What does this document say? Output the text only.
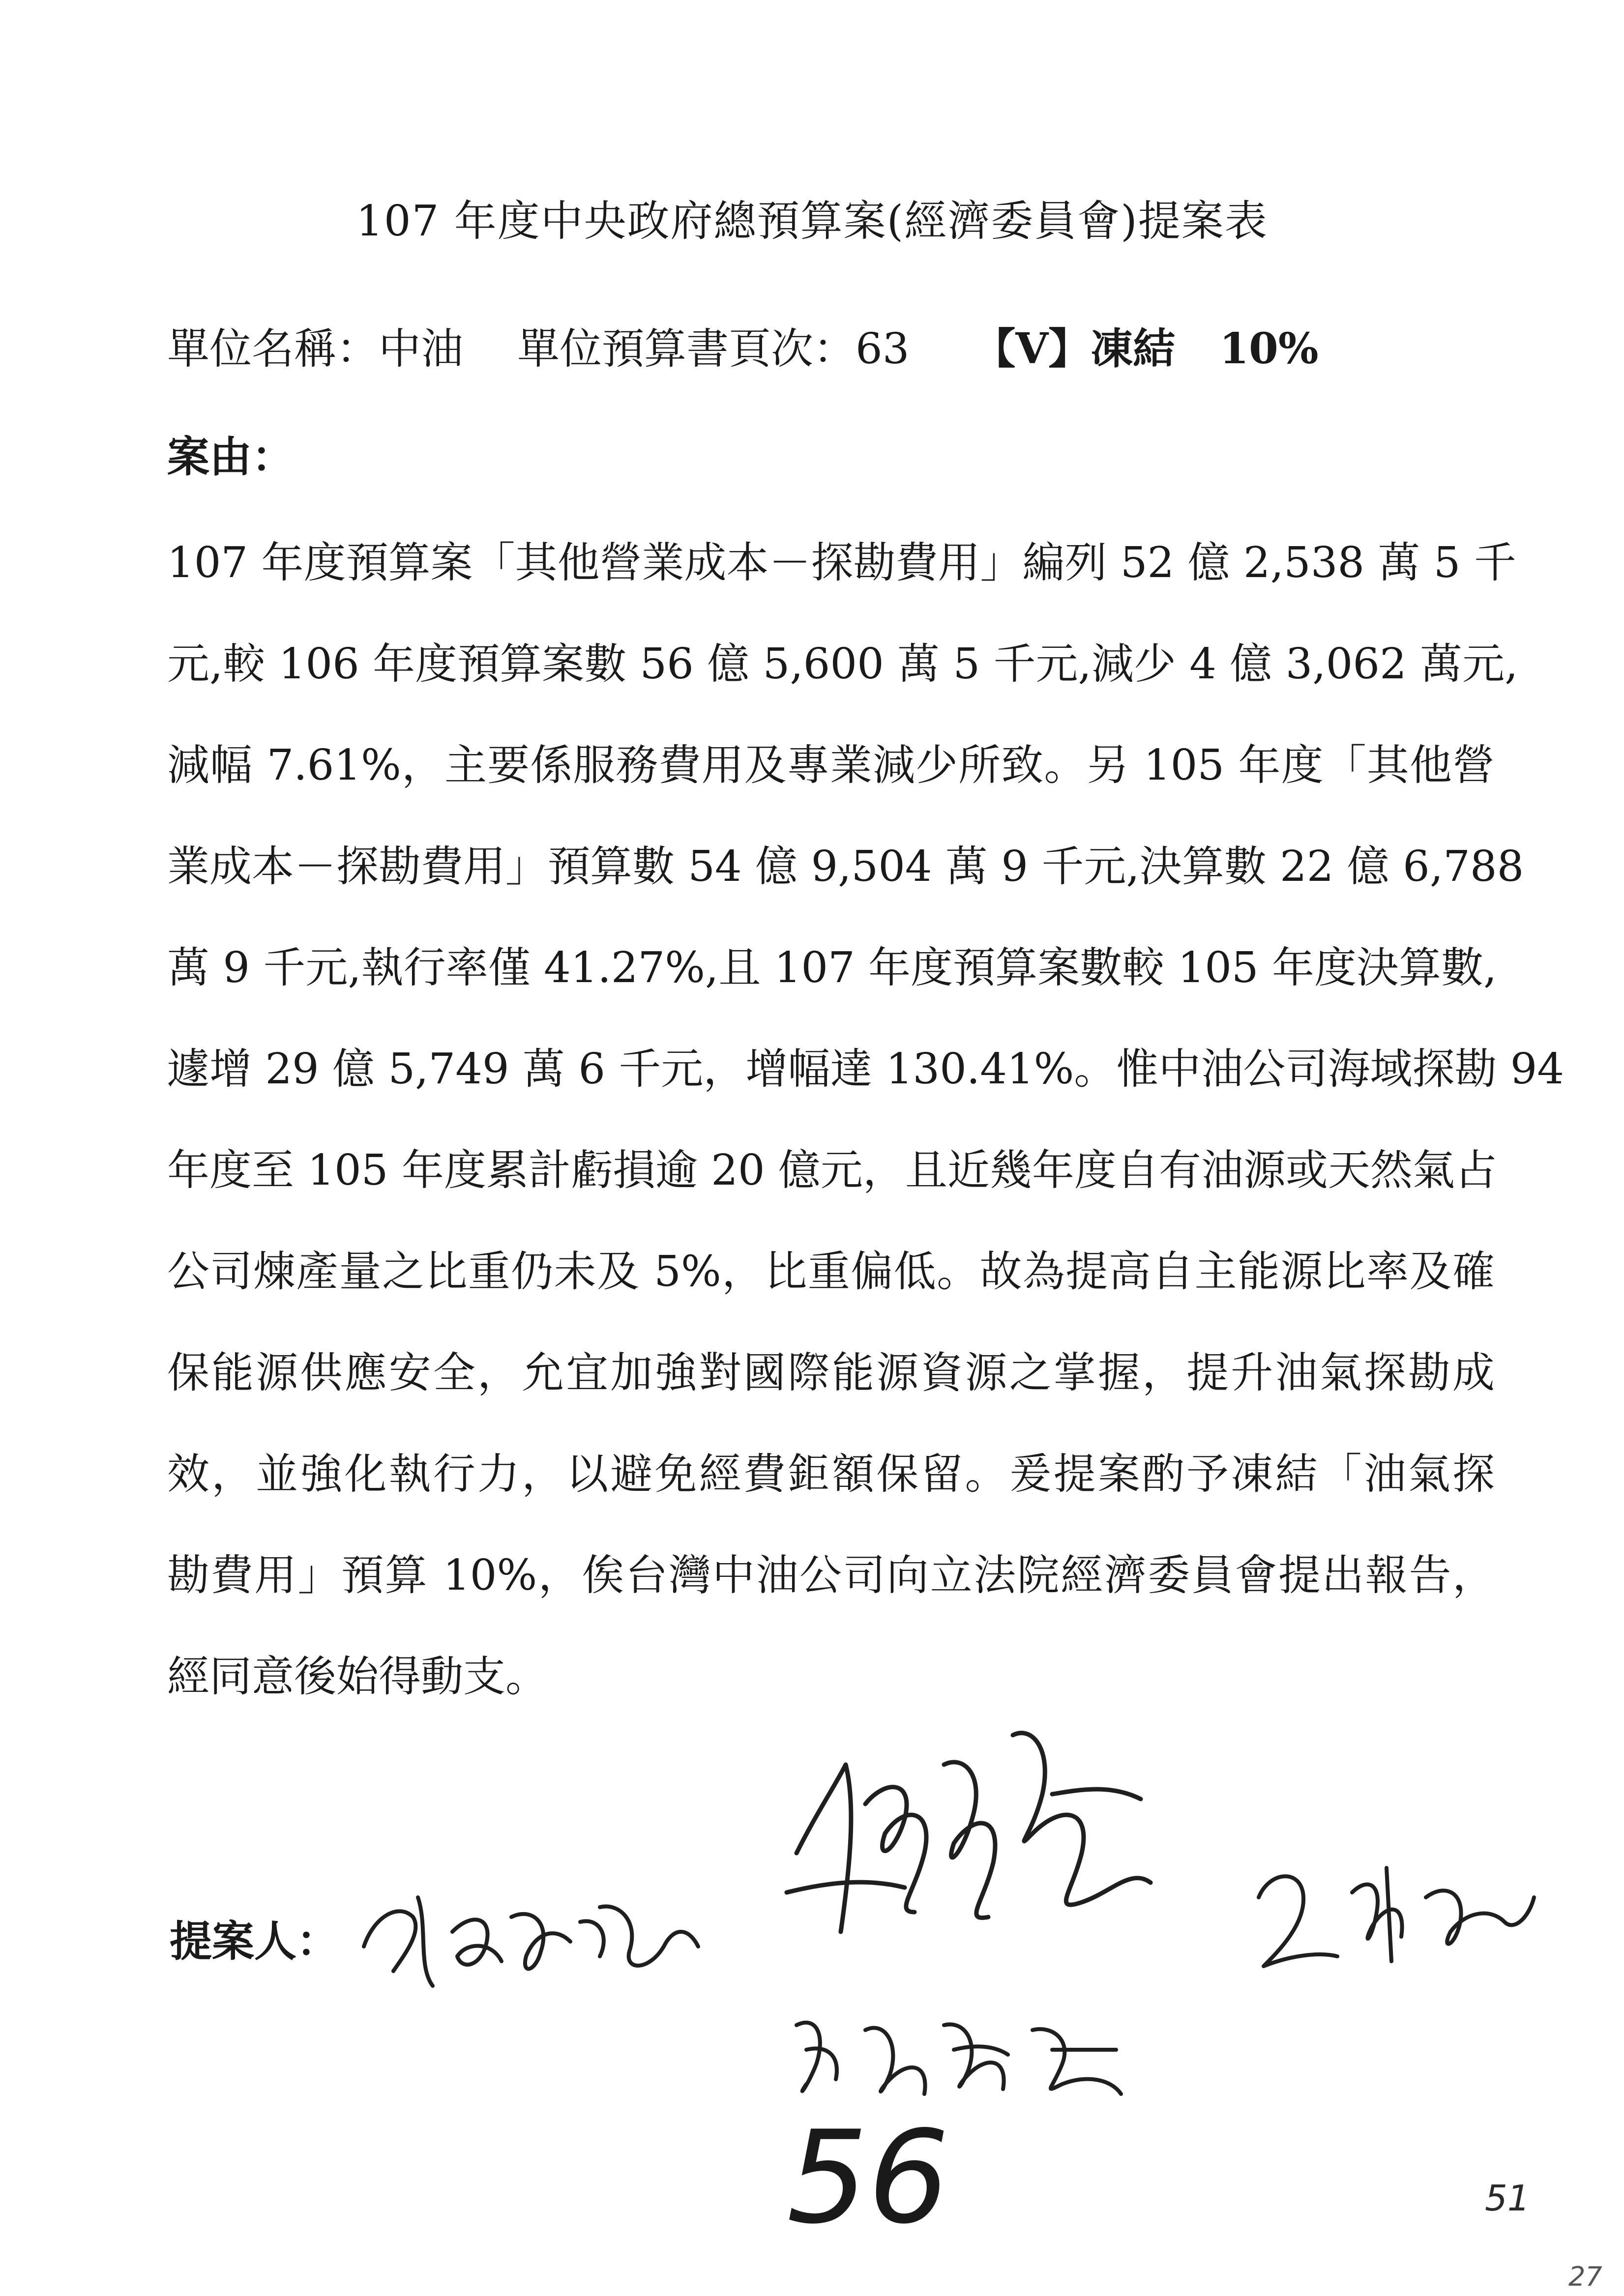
107 年度中央政府總預算案(經濟委員會)提案表
單位名稱：中油 單位預算書頁次：63 【V】凍結 10%
案由：
107 年度預算案「其他營業成本－探勘費用」編列 52 億 2,538 萬 5 千
元,較 106 年度預算案數 56 億 5,600 萬 5 千元,減少 4 億 3,062 萬元,
減幅 7.61%，主要係服務費用及專業減少所致。另 105 年度「其他營
業成本－探勘費用」預算數 54 億 9,504 萬 9 千元,決算數 22 億 6,788
萬 9 千元,執行率僅 41.27%,且 107 年度預算案數較 105 年度決算數,
遽增 29 億 5,749 萬 6 千元，增幅達 130.41%。惟中油公司海域探勘 94
年度至 105 年度累計虧損逾 20 億元，且近幾年度自有油源或天然氣占
公司煉產量之比重仍未及 5%，比重偏低。故為提高自主能源比率及確
保能源供應安全，允宜加強對國際能源資源之掌握，提升油氣探勘成
效，並強化執行力，以避免經費鉅額保留。爰提案酌予凍結「油氣探
勘費用」預算 10%，俟台灣中油公司向立法院經濟委員會提出報告，
經同意後始得動支。
提案人：
56	51
27
